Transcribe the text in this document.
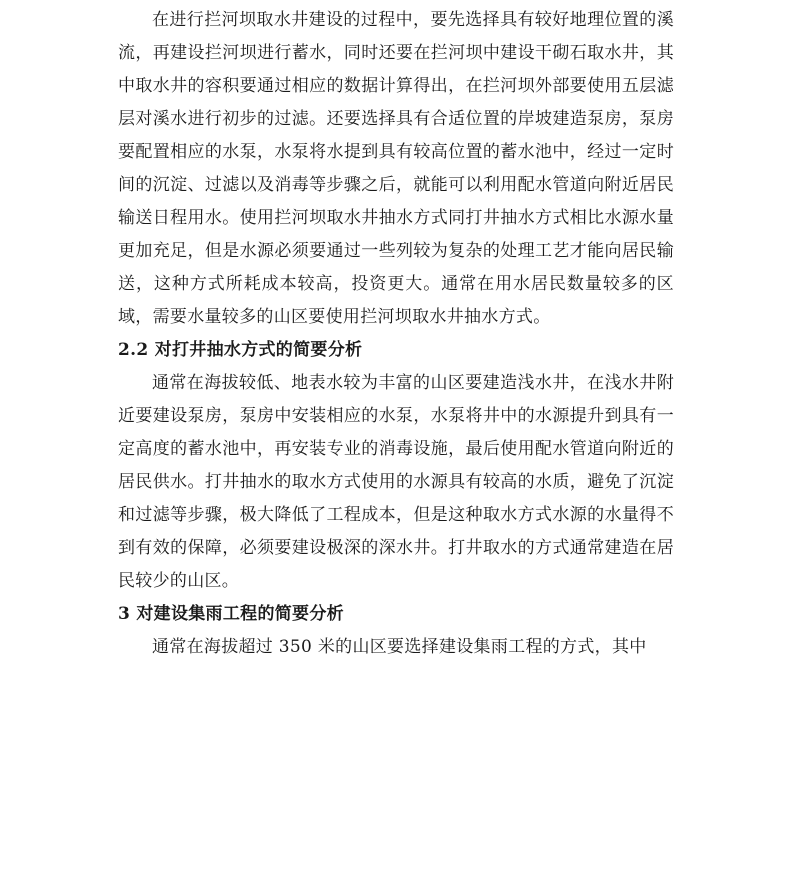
在进行拦河坝取水井建设的过程中，要先选择具有较好地理位置的溪流，再建设拦河坝进行蓄水，同时还要在拦河坝中建设干砌石取水井，其中取水井的容积要通过相应的数据计算得出，在拦河坝外部要使用五层滤层对溪水进行初步的过滤。还要选择具有合适位置的岸坡建造泵房，泵房要配置相应的水泵，水泵将水提到具有较高位置的蓄水池中，经过一定时间的沉淀、过滤以及消毒等步骤之后，就能可以利用配水管道向附近居民输送日程用水。使用拦河坝取水井抽水方式同打井抽水方式相比水源水量更加充足，但是水源必须要通过一些列较为复杂的处理工艺才能向居民输送，这种方式所耗成本较高，投资更大。通常在用水居民数量较多的区域，需要水量较多的山区要使用拦河坝取水井抽水方式。

2.2 对打井抽水方式的简要分析

通常在海拔较低、地表水较为丰富的山区要建造浅水井，在浅水井附近要建设泵房，泵房中安装相应的水泵，水泵将井中的水源提升到具有一定高度的蓄水池中，再安装专业的消毒设施，最后使用配水管道向附近的居民供水。打井抽水的取水方式使用的水源具有较高的水质，避免了沉淀和过滤等步骤，极大降低了工程成本，但是这种取水方式水源的水量得不到有效的保障，必须要建设极深的深水井。打井取水的方式通常建造在居民较少的山区。

3 对建设集雨工程的简要分析

通常在海拔超过 350 米的山区要选择建设集雨工程的方式，其中
